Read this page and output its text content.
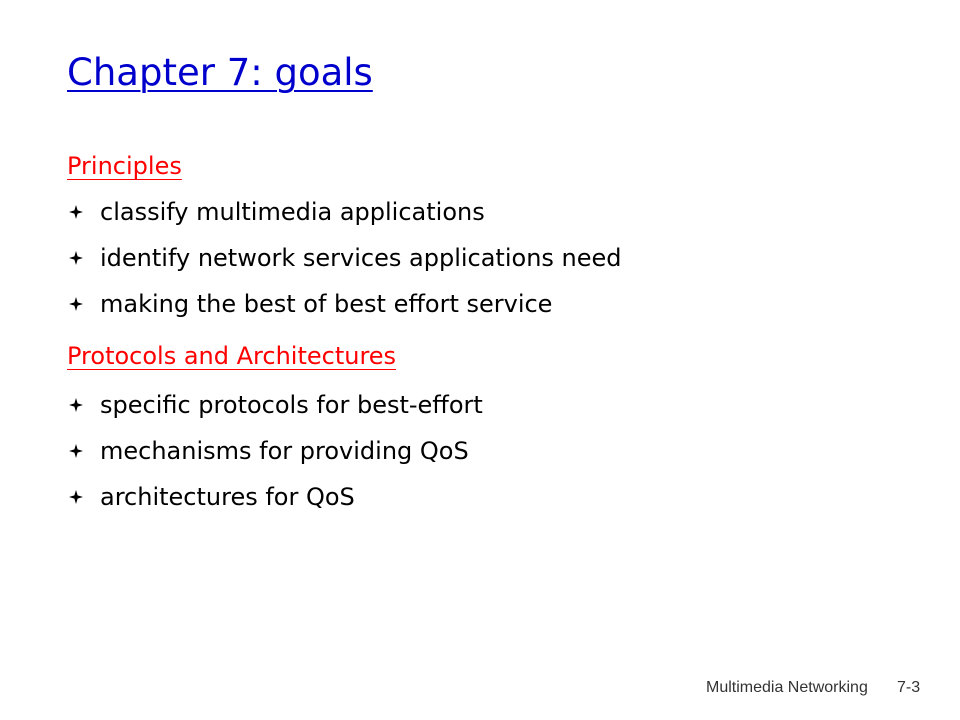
Chapter 7: goals
Principles
classify multimedia applications
identify network services applications need
making the best of best effort service
Protocols and Architectures
specific protocols for best-effort
mechanisms for providing QoS
architectures for QoS
Multimedia Networking 7-3
